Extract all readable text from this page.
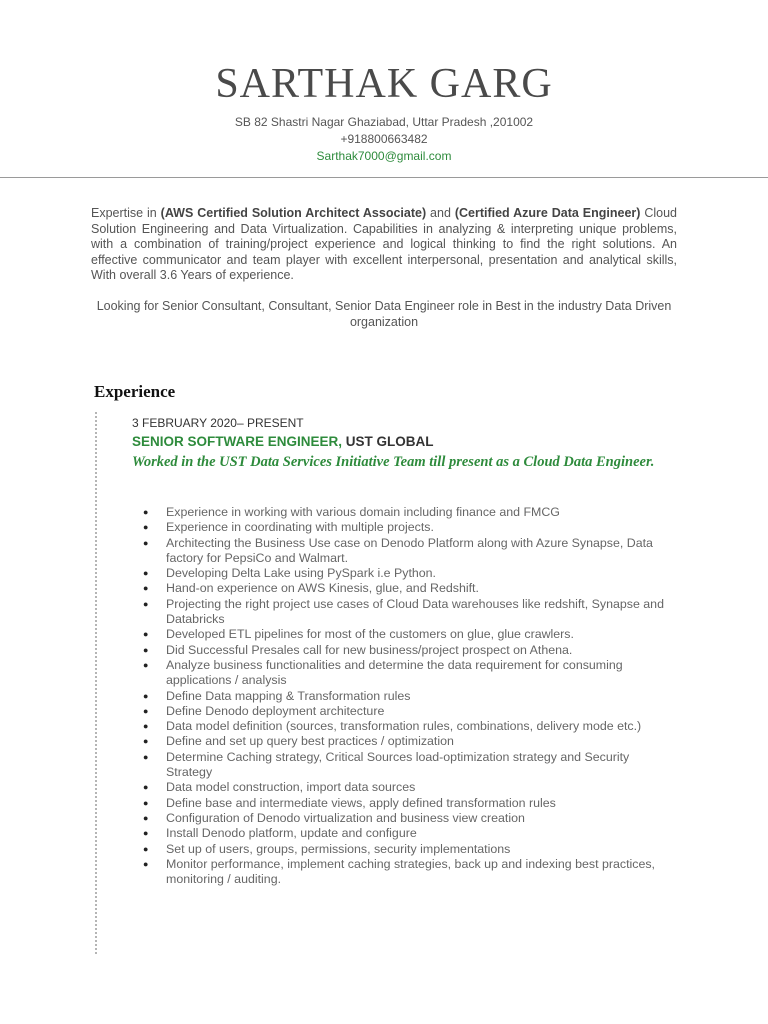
SARTHAK GARG
SB 82 Shastri Nagar Ghaziabad, Uttar Pradesh ,201002
+918800663482
Sarthak7000@gmail.com
Expertise in (AWS Certified Solution Architect Associate) and (Certified Azure Data Engineer) Cloud Solution Engineering and Data Virtualization. Capabilities in analyzing & interpreting unique problems, with a combination of training/project experience and logical thinking to find the right solutions. An effective communicator and team player with excellent interpersonal, presentation and analytical skills, With overall 3.6 Years of experience.
Looking for Senior Consultant, Consultant, Senior Data Engineer role in Best in the industry Data Driven organization
Experience
3 FEBRUARY 2020– PRESENT
SENIOR SOFTWARE ENGINEER, UST GLOBAL
Worked in the UST Data Services Initiative Team till present as a Cloud Data Engineer.
● Experience in working with various domain including finance and FMCG
● Experience in coordinating with multiple projects.
● Architecting the Business Use case on Denodo Platform along with Azure Synapse, Data factory for PepsiCo and Walmart.
● Developing Delta Lake using PySpark i.e Python.
● Hand-on experience on AWS Kinesis, glue, and Redshift.
● Projecting the right project use cases of Cloud Data warehouses like redshift, Synapse and Databricks
● Developed ETL pipelines for most of the customers on glue, glue crawlers.
● Did Successful Presales call for new business/project prospect on Athena.
● Analyze business functionalities and determine the data requirement for consuming applications / analysis
● Define Data mapping & Transformation rules
● Define Denodo deployment architecture
● Data model definition (sources, transformation rules, combinations, delivery mode etc.)
● Define and set up query best practices / optimization
● Determine Caching strategy, Critical Sources load-optimization strategy and Security Strategy
● Data model construction, import data sources
● Define base and intermediate views, apply defined transformation rules
● Configuration of Denodo virtualization and business view creation
● Install Denodo platform, update and configure
● Set up of users, groups, permissions, security implementations
● Monitor performance, implement caching strategies, back up and indexing best practices, monitoring / auditing.
